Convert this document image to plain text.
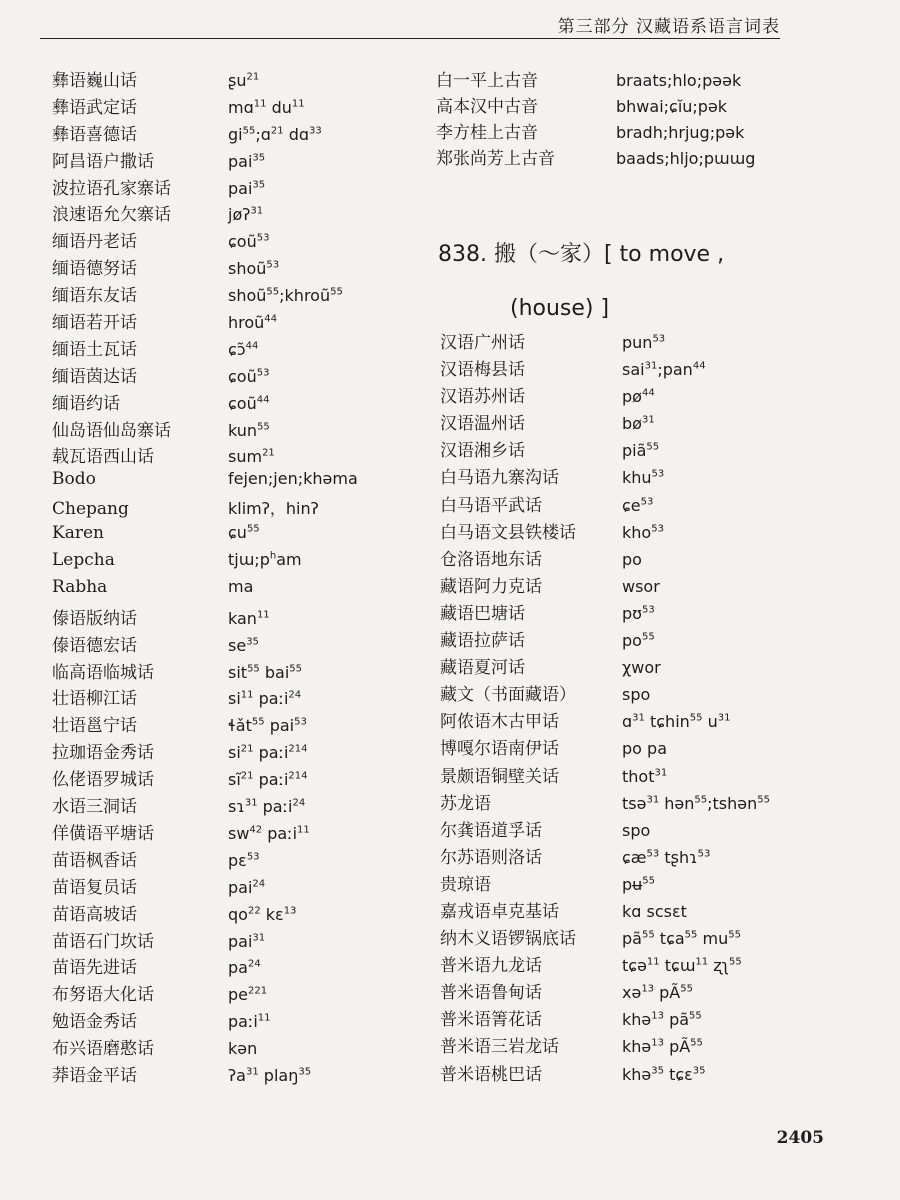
第三部分 汉藏语系语言词表
彝语巍山话	ʂu$^{21}$
彝语武定话	mɑ$^{11}$ $du^{11}$
彝语喜德话	$gi^{55};ɑ^{21}$ dɑ$^{33}$
阿昌语户撒话	pai$^{35}$
波拉语孔家寨话	pai$^{35}$
浪速语允欠寨话	jøʔ$^{31}$
缅语丹老话	ɕoũ$^{53}$
缅语德努话	shoũ$^{53}$
缅语东友话	shoũ$^{55}$;khroũ$^{55}$
缅语若开话	hroũ$^{44}$
缅语土瓦话	ɕɔ̃$^{44}$
缅语茵达话	ɕoũ$^{53}$
缅语约话	ɕoũ$^{44}$
仙岛语仙岛寨话	kun$^{55}$
载瓦语西山话	sum$^{21}$
Bodo	fejen;jen;khəma
Chepang	klimʔ，hinʔ
Karen	ɕu$^{55}$
Lepcha	$tjɯ;p^ham$
Rabha	ma
傣语版纳话	kan$^{11}$
傣语德宏话	$se^{35}$
临高语临城话	sit$^{55}$ bai$^{55}$
壮语柳江话	$si^{11}$ paːi$^{24}$
壮语邕宁话	ɬǎt$^{55}$ pai$^{53}$
拉珈语金秀话	$si^{21}$ paːi$^{214}$
仫佬语罗城话	$sĩ^{21}$ paːi$^{214}$
水语三洞话	sɿ$^{31}$ paːi$^{24}$
佯僙语平塘话	$sw^{42}$ paːi$^{11}$
苗语枫香话	pɛ$^{53}$
苗语复员话	pai$^{24}$
苗语高坡话	$qo^{22}$ kɛ$^{13}$
苗语石门坎话	pai$^{31}$
苗语先进话	$pa^{24}$
布努语大化话	$pe^{221}$
勉语金秀话	paːi$^{11}$
布兴语磨憨话	kən
莽语金平话	ʔa$^{31}$ plaŋ$^{35}$
白一平上古音	braats;hlo;pəək
高本汉中古音	bhwai;ɕĭu;pək
李方桂上古音	bradh;hrjug;pək
郑张尚芳上古音	baads;hljo;pɯɯg
838. 搬（～家）[ to move ,
(house) ]
汉语广州话	pun$^{53}$
汉语梅县话	sai$^{31}$;pan$^{44}$
汉语苏州话	$pø^{44}$
汉语温州话	$bø^{31}$
汉语湘乡话	piã$^{55}$
白马语九寨沟话	khu$^{53}$
白马语平武话	ɕe$^{53}$
白马语文县铁楼话	kho$^{53}$
仓洛语地东话	po
藏语阿力克话	wsor
藏语巴塘话	pʊ$^{53}$
藏语拉萨话	$po^{55}$
藏语夏河话	χwor
藏文（书面藏语）	spo
阿侬语木古甲话	ɑ$^{31}$ tɕhin$^{55}$ $u^{31}$
博嘎尔语南伊话	po pa
景颇语铜壁关话	thot$^{31}$
苏龙语	tsə$^{31}$ hən$^{55}$;tshən$^{55}$
尔龚语道孚话	spo
尔苏语则洛话	ɕæ$^{53}$ tʂhɿ$^{53}$
贵琼语	pʉ$^{55}$
嘉戎语卓克基话	kɑ scsɛt
纳木义语锣锅底话	$pã^{55}$ tɕa$^{55}$ $mu^{55}$
普米语九龙话	tɕə$^{11}$ tɕɯ$^{11}$ ʐʅ$^{55}$
普米语鲁甸话	xə$^{13}$ $pÃ^{55}$
普米语箐花话	khə$^{13}$ $pã^{55}$
普米语三岩龙话	khə$^{13}$ $pÃ^{55}$
普米语桃巴话	khə$^{35}$ tɕɛ$^{35}$
2405
